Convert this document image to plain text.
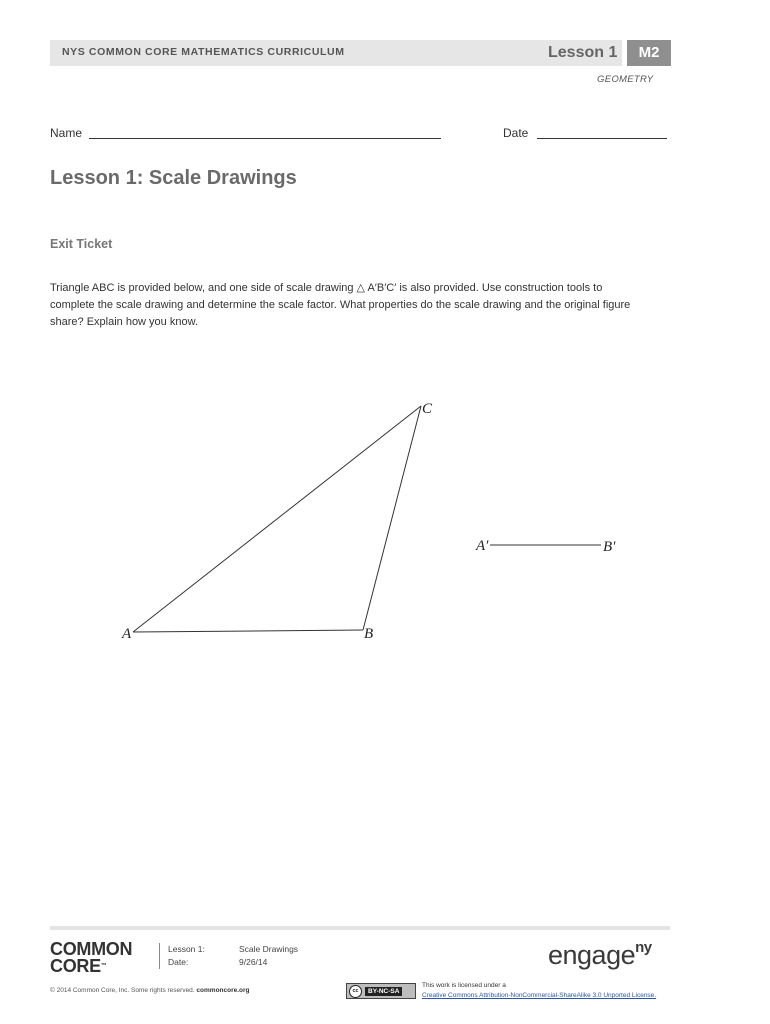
NYS COMMON CORE MATHEMATICS CURRICULUM	Lesson 1	M2
GEOMETRY
Name	Date
Lesson 1: Scale Drawings
Exit Ticket
Triangle ABC is provided below, and one side of scale drawing △ A′B′C′ is also provided. Use construction tools to
complete the scale drawing and determine the scale factor. What properties do the scale drawing and the original figure
share? Explain how you know.
A	B
C
A′	B′
COMMON
CORE™
Lesson 1:	Scale Drawings
Date:	9/26/14
© 2014 Common Core, Inc. Some rights reserved. commoncore.org
engage$^{ny}$
cc	BY-NC-SA
This work is licensed under a
Creative Commons Attribution-NonCommercial-ShareAlike 3.0 Unported License.
